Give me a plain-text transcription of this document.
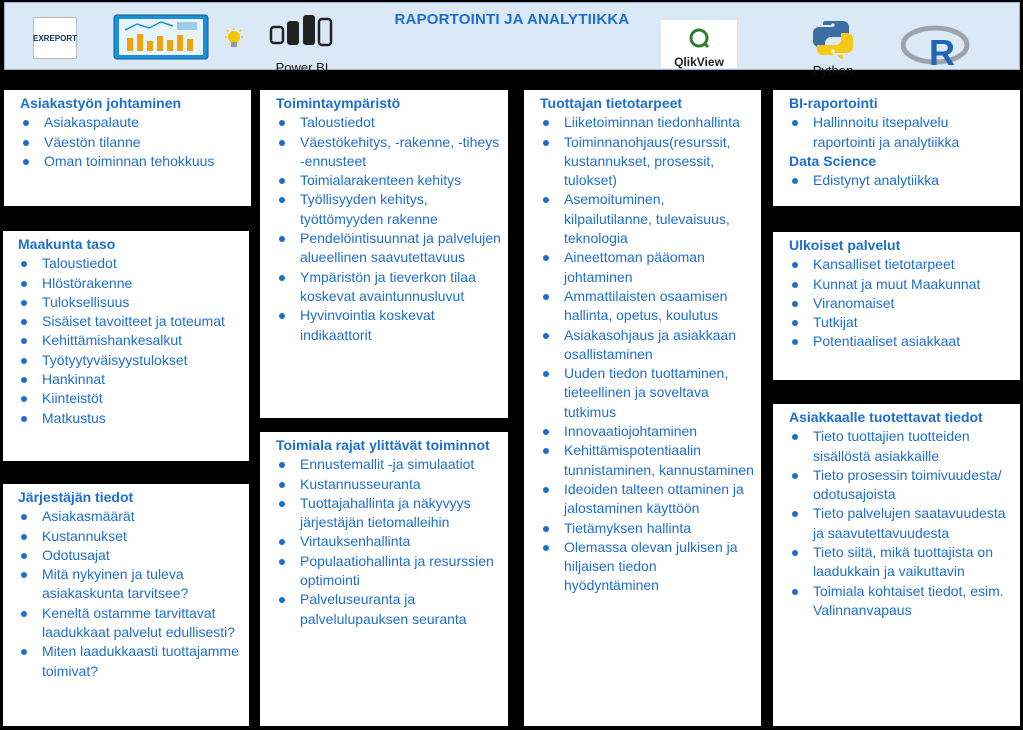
EXREPORT
Power BI
RAPORTOINTI JA ANALYTIIKKA
QlikView
Python	R
Asiakastyön johtaminen
Asiakaspalaute
Väestön tilanne
Oman toiminnan tehokkuus
Maakunta taso
Taloustiedot
Hlöstörakenne
Tuloksellisuus
Sisäiset tavoitteet ja toteumat
Kehittämishankesalkut
Työtyytyväisyystulokset
Hankinnat
Kiinteistöt
Matkustus
Järjestäjän tiedot
Asiakasmäärät
Kustannukset
Odotusajat
Mitä nykyinen ja tuleva asiakaskunta tarvitsee?
Keneltä ostamme tarvittavat laadukkaat palvelut edullisesti?
Miten laadukkaasti tuottajamme toimivat?
Toimintaympäristö
Taloustiedot
Väestökehitys, -rakenne, -tiheys -ennusteet
Toimialarakenteen kehitys
Työllisyyden kehitys, työttömyyden rakenne
Pendelöintisuunnat ja palvelujen alueellinen saavutettavuus
Ympäristön ja tieverkon tilaa koskevat avaintunnusluvut
Hyvinvointia koskevat indikaattorit
Toimiala rajat ylittävät toiminnot
Ennustemallit -ja simulaatiot
Kustannusseuranta
Tuottajahallinta ja näkyvyys järjestäjän tietomalleihin
Virtauksenhallinta
Populaatiohallinta ja resurssien optimointi
Palveluseuranta ja palvelulupauksen seuranta
Tuottajan tietotarpeet
Liiketoiminnan tiedonhallinta
Toiminnanohjaus(resurssit, kustannukset, prosessit, tulokset)
Asemoituminen, kilpailutilanne, tulevaisuus, teknologia
Aineettoman pääoman johtaminen
Ammattilaisten osaamisen hallinta, opetus, koulutus
Asiakasohjaus ja asiakkaan osallistaminen
Uuden tiedon tuottaminen, tieteellinen ja soveltava tutkimus
Innovaatiojohtaminen
Kehittämispotentiaalin tunnistaminen, kannustaminen
Ideoiden talteen ottaminen ja jalostaminen käyttöön
Tietämyksen hallinta
Olemassa olevan julkisen ja hiljaisen tiedon hyödyntäminen
BI-raportointi
Hallinnoitu itsepalvelu raportointi ja analytiikka
Data Science
Edistynyt analytiikka
Ulkoiset palvelut
Kansalliset tietotarpeet
Kunnat ja muut Maakunnat
Viranomaiset
Tutkijat
Potentiaaliset asiakkaat
Asiakkaalle tuotettavat tiedot
Tieto tuottajien tuotteiden sisällöstä asiakkaille
Tieto prosessin toimivuudesta/ odotusajoista
Tieto palvelujen saatavuudesta ja saavutettavuudesta
Tieto siitä, mikä tuottajista on laadukkain ja vaikuttavin
Toimiala kohtaiset tiedot, esim. Valinnanvapaus
